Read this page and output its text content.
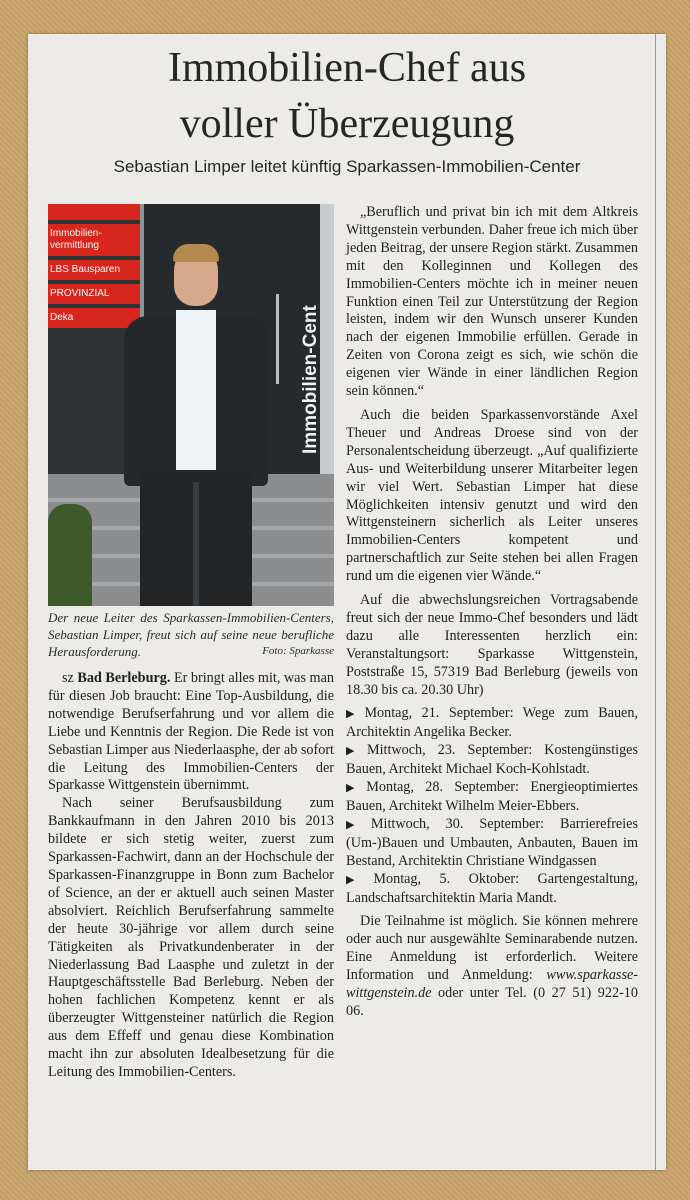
Immobilien-Chef aus
voller Überzeugung
Sebastian Limper leitet künftig Sparkassen-Immobilien-Center
Immobilien-Cent
Immobilien-vermittlung
LBS Bausparen
PROVINZIAL
Deka
Der neue Leiter des Sparkassen-Immobilien-Centers, Sebastian Limper, freut sich auf seine neue berufliche Herausforderung.	Foto: Sparkasse

sz Bad Berleburg. Er bringt alles mit, was man für diesen Job braucht: Eine Top-Ausbildung, die notwendige Berufserfahrung und vor allem die Liebe und Kenntnis der Region. Die Rede ist von Sebastian Limper aus Niederlaasphe, der ab sofort die Leitung des Immobilien-Centers der Sparkasse Wittgenstein übernimmt.

Nach seiner Berufsausbildung zum Bankkaufmann in den Jahren 2010 bis 2013 bildete er sich stetig weiter, zuerst zum Sparkassen-Fachwirt, dann an der Hochschule der Sparkassen-Finanzgruppe in Bonn zum Bachelor of Science, an der er aktuell auch seinen Master absolviert. Reichlich Berufserfahrung sammelte der heute 30-jährige vor allem durch seine Tätigkeiten als Privatkundenberater in der Niederlassung Bad Laasphe und zuletzt in der Hauptgeschäftsstelle Bad Berleburg. Neben der hohen fachlichen Kompetenz kennt er als überzeugter Wittgensteiner natürlich die Region aus dem Effeff und genau diese Kombination macht ihn zur absoluten Idealbesetzung für die Leitung des Immobilien-Centers.

„Beruflich und privat bin ich mit dem Altkreis Wittgenstein verbunden. Daher freue ich mich über jeden Beitrag, der unsere Region stärkt. Zusammen mit den Kolleginnen und Kollegen des Immobilien-Centers möchte ich in meiner neuen Funktion einen Teil zur Unterstützung der Region leisten, indem wir den Wunsch unserer Kunden nach der eigenen Immobilie erfüllen. Gerade in Zeiten von Corona zeigt es sich, wie schön die eigenen vier Wände in einer ländlichen Region sein können.“

Auch die beiden Sparkassenvorstände Axel Theuer und Andreas Droese sind von der Personalentscheidung überzeugt. „Auf qualifizierte Aus- und Weiterbildung unserer Mitarbeiter legen wir viel Wert. Sebastian Limper hat diese Möglichkeiten intensiv genutzt und wird den Wittgensteinern sicherlich als Leiter unseres Immobilien-Centers kompetent und partnerschaftlich zur Seite stehen bei allen Fragen rund um die eigenen vier Wände.“

Auf die abwechslungsreichen Vortragsabende freut sich der neue Immo-Chef besonders und lädt dazu alle Interessenten herzlich ein: Veranstaltungsort: Sparkasse Wittgenstein, Poststraße 15, 57319 Bad Berleburg (jeweils von 18.30 bis ca. 20.30 Uhr)

▶ Montag, 21. September: Wege zum Bauen, Architektin Angelika Becker.

▶ Mittwoch, 23. September: Kostengünstiges Bauen, Architekt Michael Koch-Kohlstadt.

▶ Montag, 28. September: Energieoptimiertes Bauen, Architekt Wilhelm Meier-Ebbers.

▶ Mittwoch, 30. September: Barrierefreies (Um-)Bauen und Umbauten, Anbauten, Bauen im Bestand, Architektin Christiane Windgassen

▶ Montag, 5. Oktober: Gartengestaltung, Landschaftsarchitektin Maria Mandt.

Die Teilnahme ist möglich. Sie können mehrere oder auch nur ausgewählte Seminarabende nutzen. Eine Anmeldung ist erforderlich. Weitere Information und Anmeldung: www.sparkasse-wittgenstein.de oder unter Tel. (0 27 51) 922-10 06.
